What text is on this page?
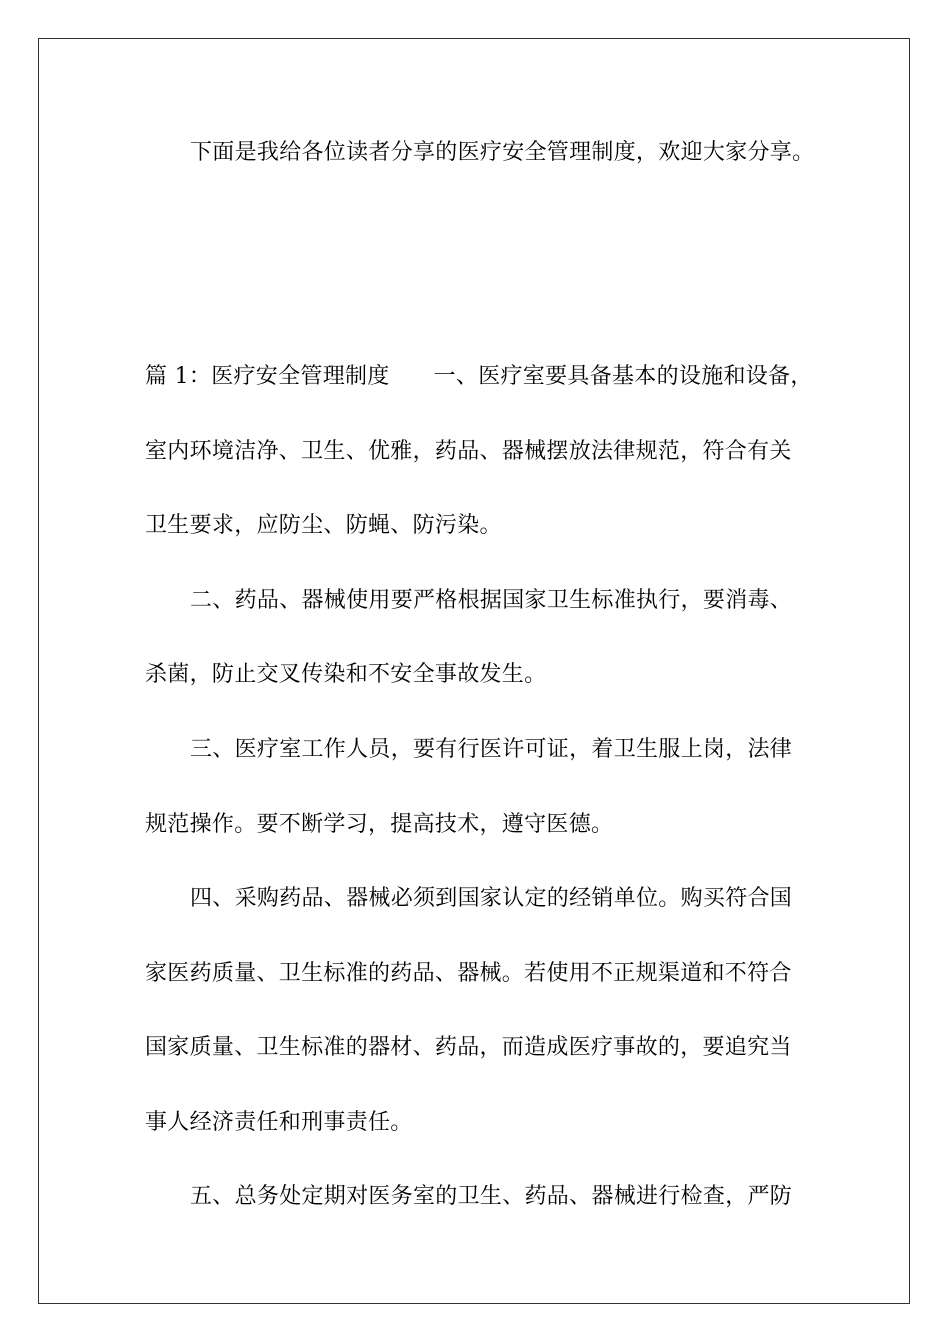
下面是我给各位读者分享的医疗安全管理制度，欢迎大家分享。
篇 1：医疗安全管理制度 一、医疗室要具备基本的设施和设备，
室内环境洁净、卫生、优雅，药品、器械摆放法律规范，符合有关
卫生要求，应防尘、防蝇、防污染。
二、药品、器械使用要严格根据国家卫生标准执行，要消毒、
杀菌，防止交叉传染和不安全事故发生。
三、医疗室工作人员，要有行医许可证，着卫生服上岗，法律
规范操作。要不断学习，提高技术，遵守医德。
四、采购药品、器械必须到国家认定的经销单位。购买符合国
家医药质量、卫生标准的药品、器械。若使用不正规渠道和不符合
国家质量、卫生标准的器材、药品，而造成医疗事故的，要追究当
事人经济责任和刑事责任。
五、总务处定期对医务室的卫生、药品、器械进行检查，严防
